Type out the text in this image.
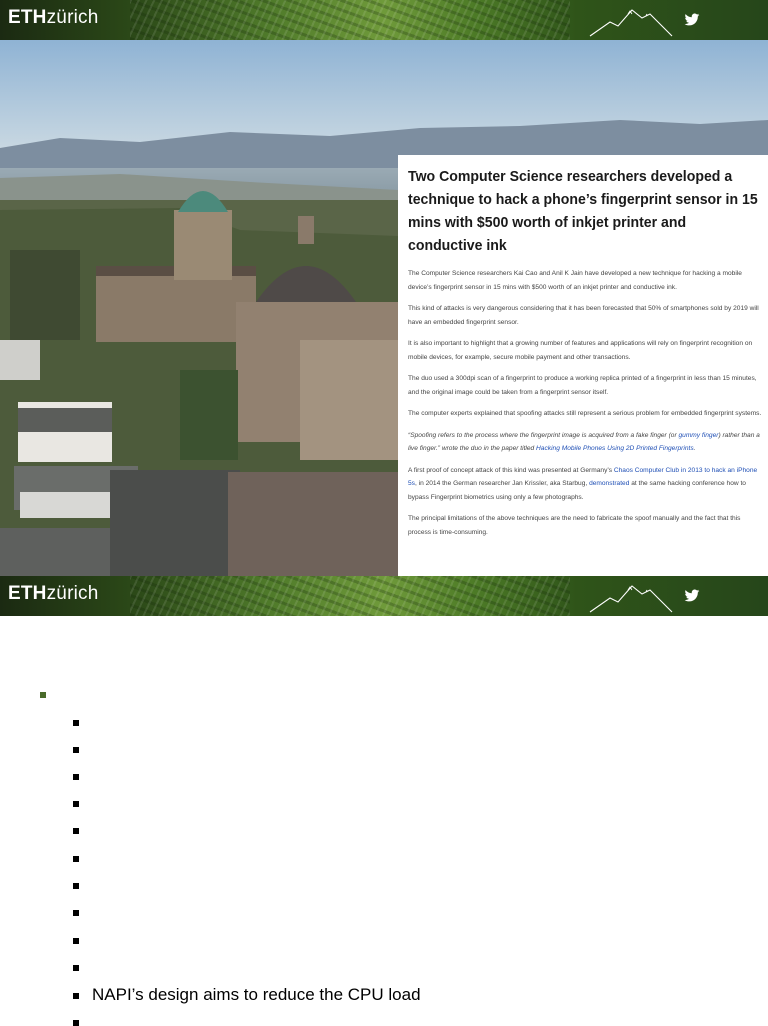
ETHzürich
Two Computer Science researchers developed a technique to hack a phone’s fingerprint sensor in 15 mins with $500 worth of inkjet printer and conductive ink

The Computer Science researchers Kai Cao and Anil K Jain have developed a new technique for hacking a mobile device’s fingerprint sensor in 15 mins with $500 worth of an inkjet printer and conductive ink.

This kind of attacks is very dangerous considering that it has been forecasted that 50% of smartphones sold by 2019 will have an embedded fingerprint sensor.

It is also important to highlight that a growing number of features and applications will rely on fingerprint recognition on mobile devices, for example, secure mobile payment and other transactions.

The duo used a 300dpi scan of a fingerprint to produce a working replica printed of a fingerprint in less than 15 minutes, and the original image could be taken from a fingerprint sensor itself.

The computer experts explained that spoofing attacks still represent a serious problem for embedded fingerprint systems.

“Spoofing refers to the process where the fingerprint image is acquired from a fake finger (or gummy finger) rather than a live finger.” wrote the duo in the paper titled Hacking Mobile Phones Using 2D Printed Fingerprints.

A first proof of concept attack of this kind was presented at Germany’s Chaos Computer Club in 2013 to hack an iPhone 5s, in 2014 the German researcher Jan Krissler, aka Starbug, demonstrated at the same hacking conference how to bypass Fingerprint biometrics using only a few photographs.

The principal limitations of the above techniques are the need to fabricate the spoof manually and the fact that this process is time-consuming.

ETHzürich
NAPI’s design aims to reduce the CPU load
